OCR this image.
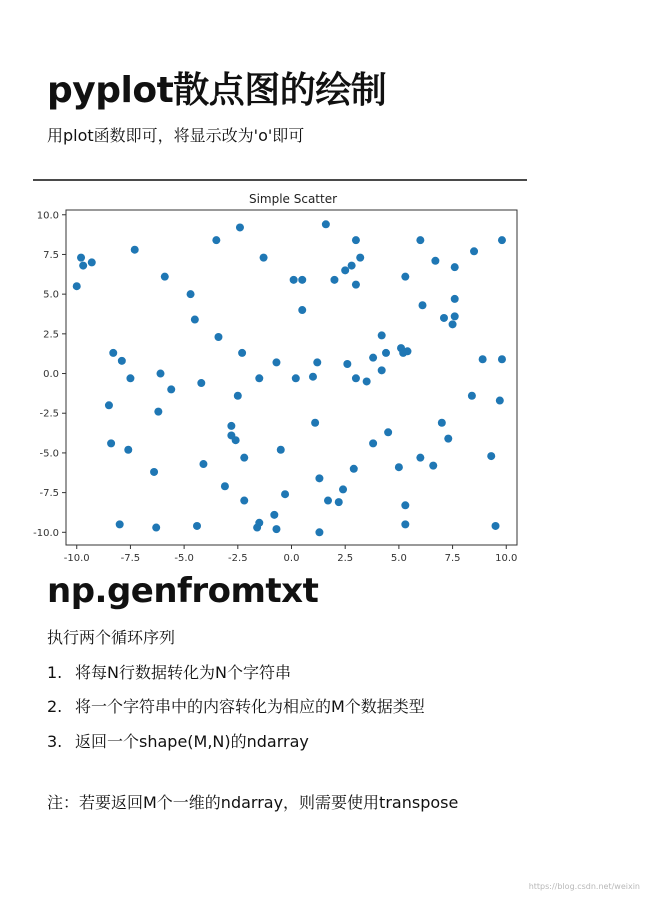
pyplot散点图的绘制
用plot函数即可，将显示改为'o'即可
Simple Scatter
-10.0	-7.5	-5.0	-2.5	0.0	2.5	5.0	7.5	10.0
10.0
7.5
5.0
2.5
0.0
-2.5
-5.0
-7.5
-10.0
np.genfromtxt
执行两个循环序列
1. 将每N行数据转化为N个字符串
2. 将一个字符串中的内容转化为相应的M个数据类型
3. 返回一个shape(M,N)的ndarray
注：若要返回M个一维的ndarray，则需要使用transpose
https://blog.csdn.net/weixin
